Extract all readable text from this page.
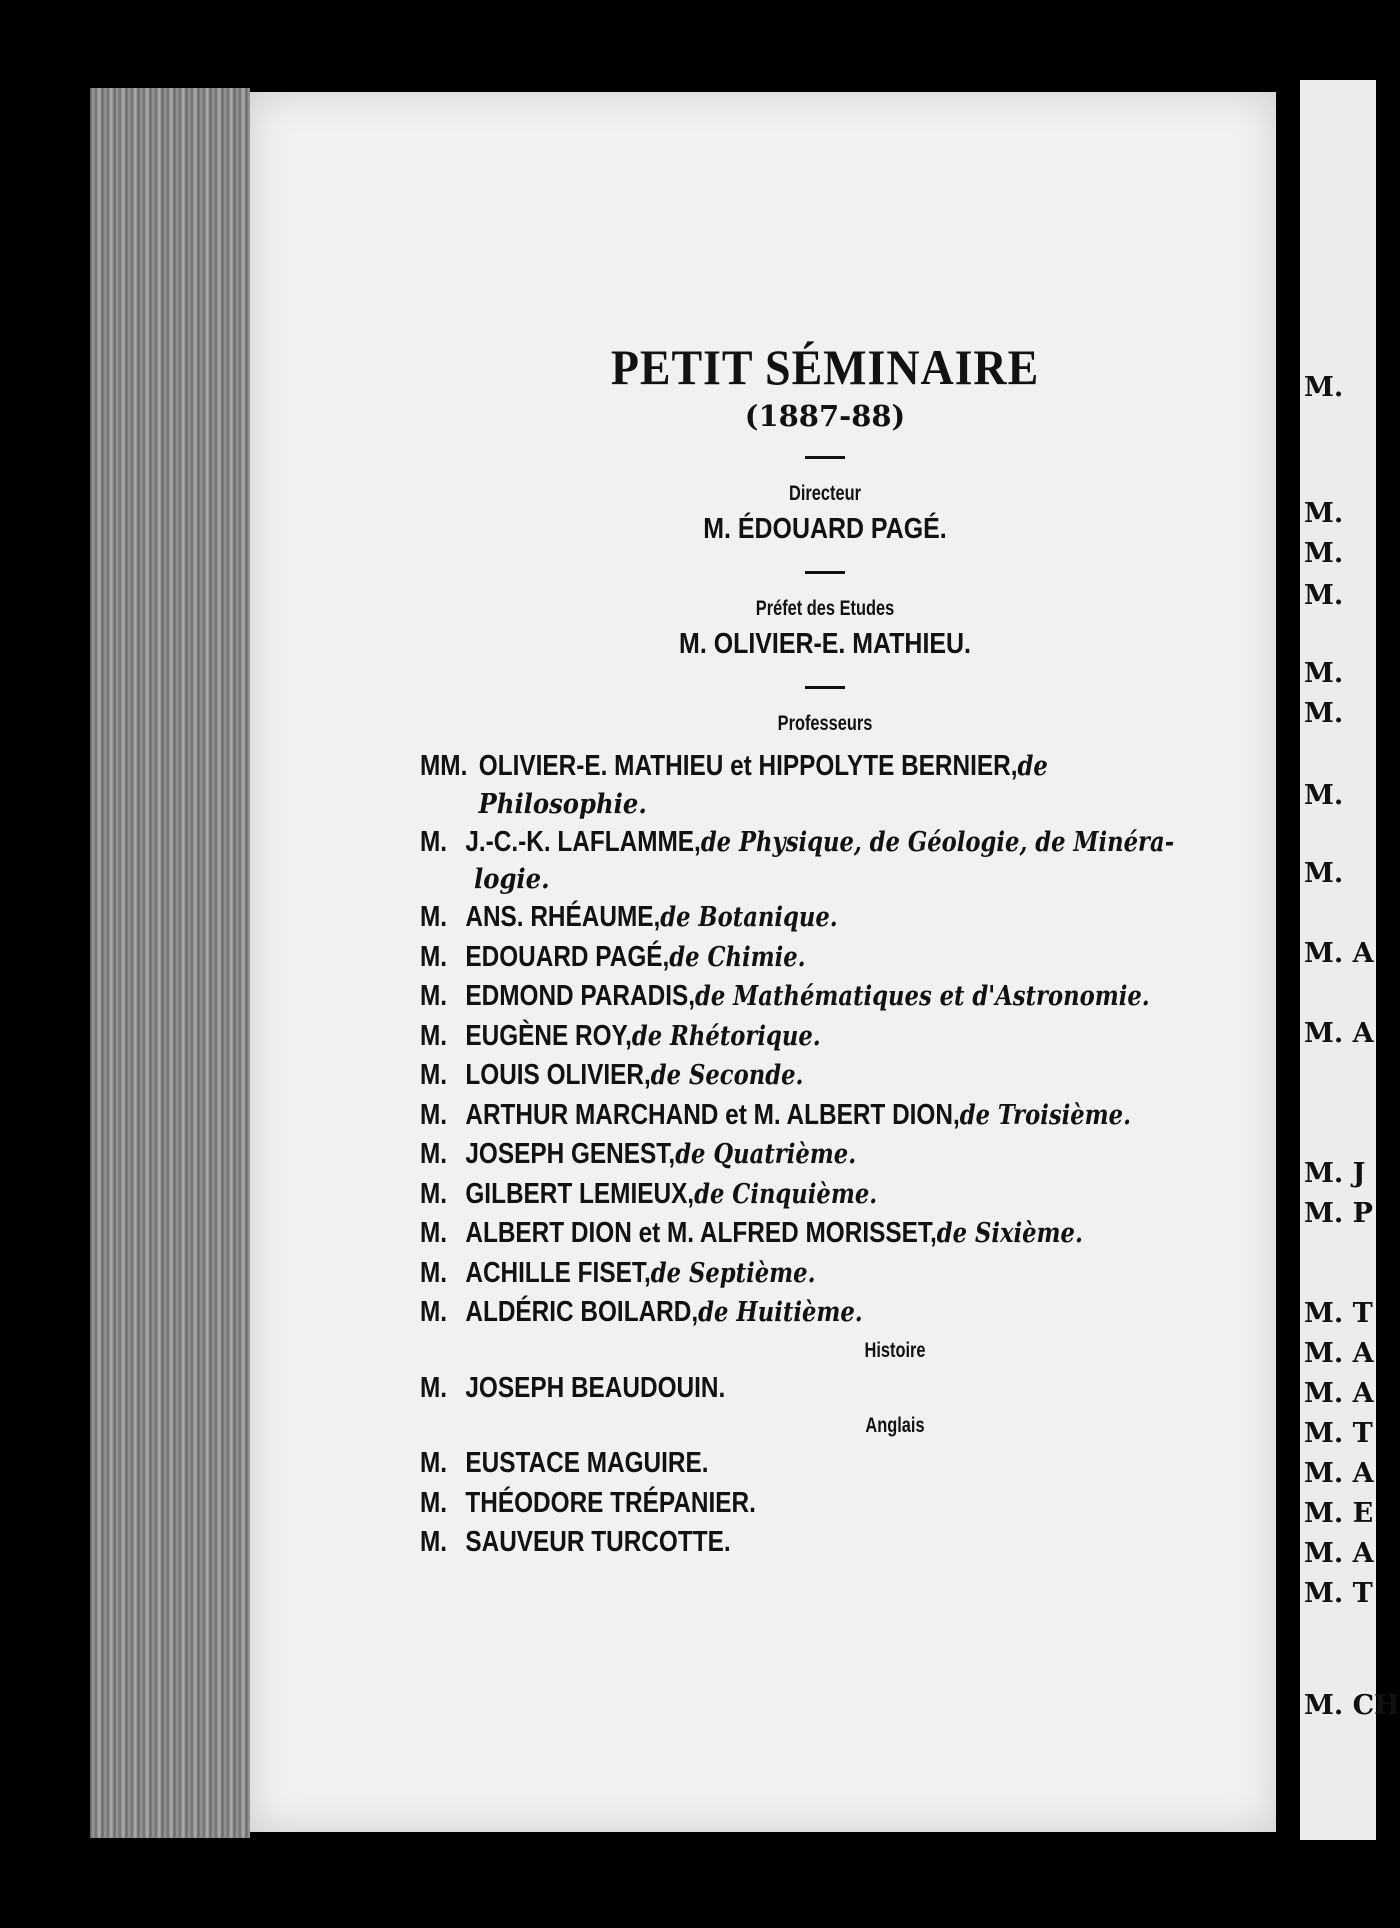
M.
M.
M.
M.
M.
M.
M.
M.
M. A
M. A
M. J
M. P
M. T
M. A
M. A
M. T
M. A
M. E
M. A
M. T
M. CH
PETIT SÉMINAIRE
(1887-88)
Directeur
M. ÉDOUARD PAGÉ.
Préfet des Etudes
M. OLIVIER-E. MATHIEU.
Professeurs
MM. OLIVIER-E. MATHIEU et HIPPOLYTE BERNIER, de
Philosophie.
M. J.-C.-K. LAFLAMME, de Physique, de Géologie, de Minéra-
logie.
M. ANS. RHÉAUME, de Botanique.
M. EDOUARD PAGÉ, de Chimie.
M. EDMOND PARADIS, de Mathématiques et d'Astronomie.
M. EUGÈNE ROY, de Rhétorique.
M. LOUIS OLIVIER, de Seconde.
M. ARTHUR MARCHAND et M. ALBERT DION, de Troisième.
M. JOSEPH GENEST, de Quatrième.
M. GILBERT LEMIEUX, de Cinquième.
M. ALBERT DION et M. ALFRED MORISSET, de Sixième.
M. ACHILLE FISET, de Septième.
M. ALDÉRIC BOILARD, de Huitième.
Histoire
M. JOSEPH BEAUDOUIN.
Anglais
M. EUSTACE MAGUIRE.
M. THÉODORE TRÉPANIER.
M. SAUVEUR TURCOTTE.
